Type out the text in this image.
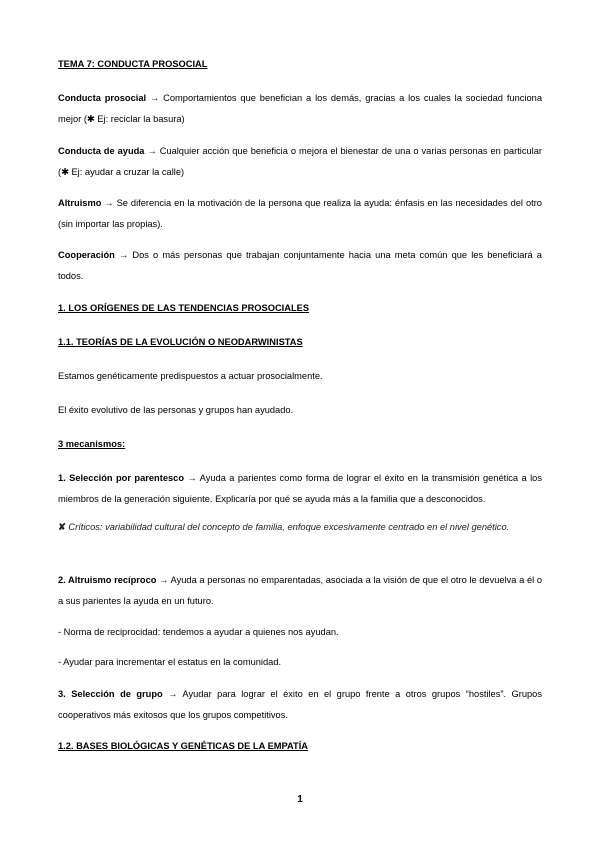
TEMA 7: CONDUCTA PROSOCIAL

Conducta prosocial → Comportamientos que benefician a los demás, gracias a los cuales la sociedad funciona mejor (✱ Ej: reciclar la basura)

Conducta de ayuda → Cualquier acción que beneficia o mejora el bienestar de una o varias personas en particular (✱ Ej: ayudar a cruzar la calle)

Altruismo → Se diferencia en la motivación de la persona que realiza la ayuda: énfasis en las necesidades del otro (sin importar las propias).

Cooperación → Dos o más personas que trabajan conjuntamente hacia una meta común que les beneficiará a todos.

1. LOS ORÍGENES DE LAS TENDENCIAS PROSOCIALES

1.1. TEORÍAS DE LA EVOLUCIÓN O NEODARWINISTAS

Estamos genéticamente predispuestos a actuar prosocialmente.

El éxito evolutivo de las personas y grupos han ayudado.

3 mecanismos:

1. Selección por parentesco → Ayuda a parientes como forma de lograr el éxito en la transmisión genética a los miembros de la generación siguiente. Explicaría por qué se ayuda más a la familia que a desconocidos.

✘ Críticos: variabilidad cultural del concepto de familia, enfoque excesivamente centrado en el nivel genético.

2. Altruismo recíproco → Ayuda a personas no emparentadas, asociada a la visión de que el otro le devuelva a él o a sus parientes la ayuda en un futuro.

- Norma de reciprocidad: tendemos a ayudar a quienes nos ayudan.

- Ayudar para incrementar el estatus en la comunidad.

3. Selección de grupo → Ayudar para lograr el éxito en el grupo frente a otros grupos “hostiles”. Grupos cooperativos más exitosos que los grupos competitivos.

1.2. BASES BIOLÓGICAS Y GENÉTICAS DE LA EMPATÍA

1
